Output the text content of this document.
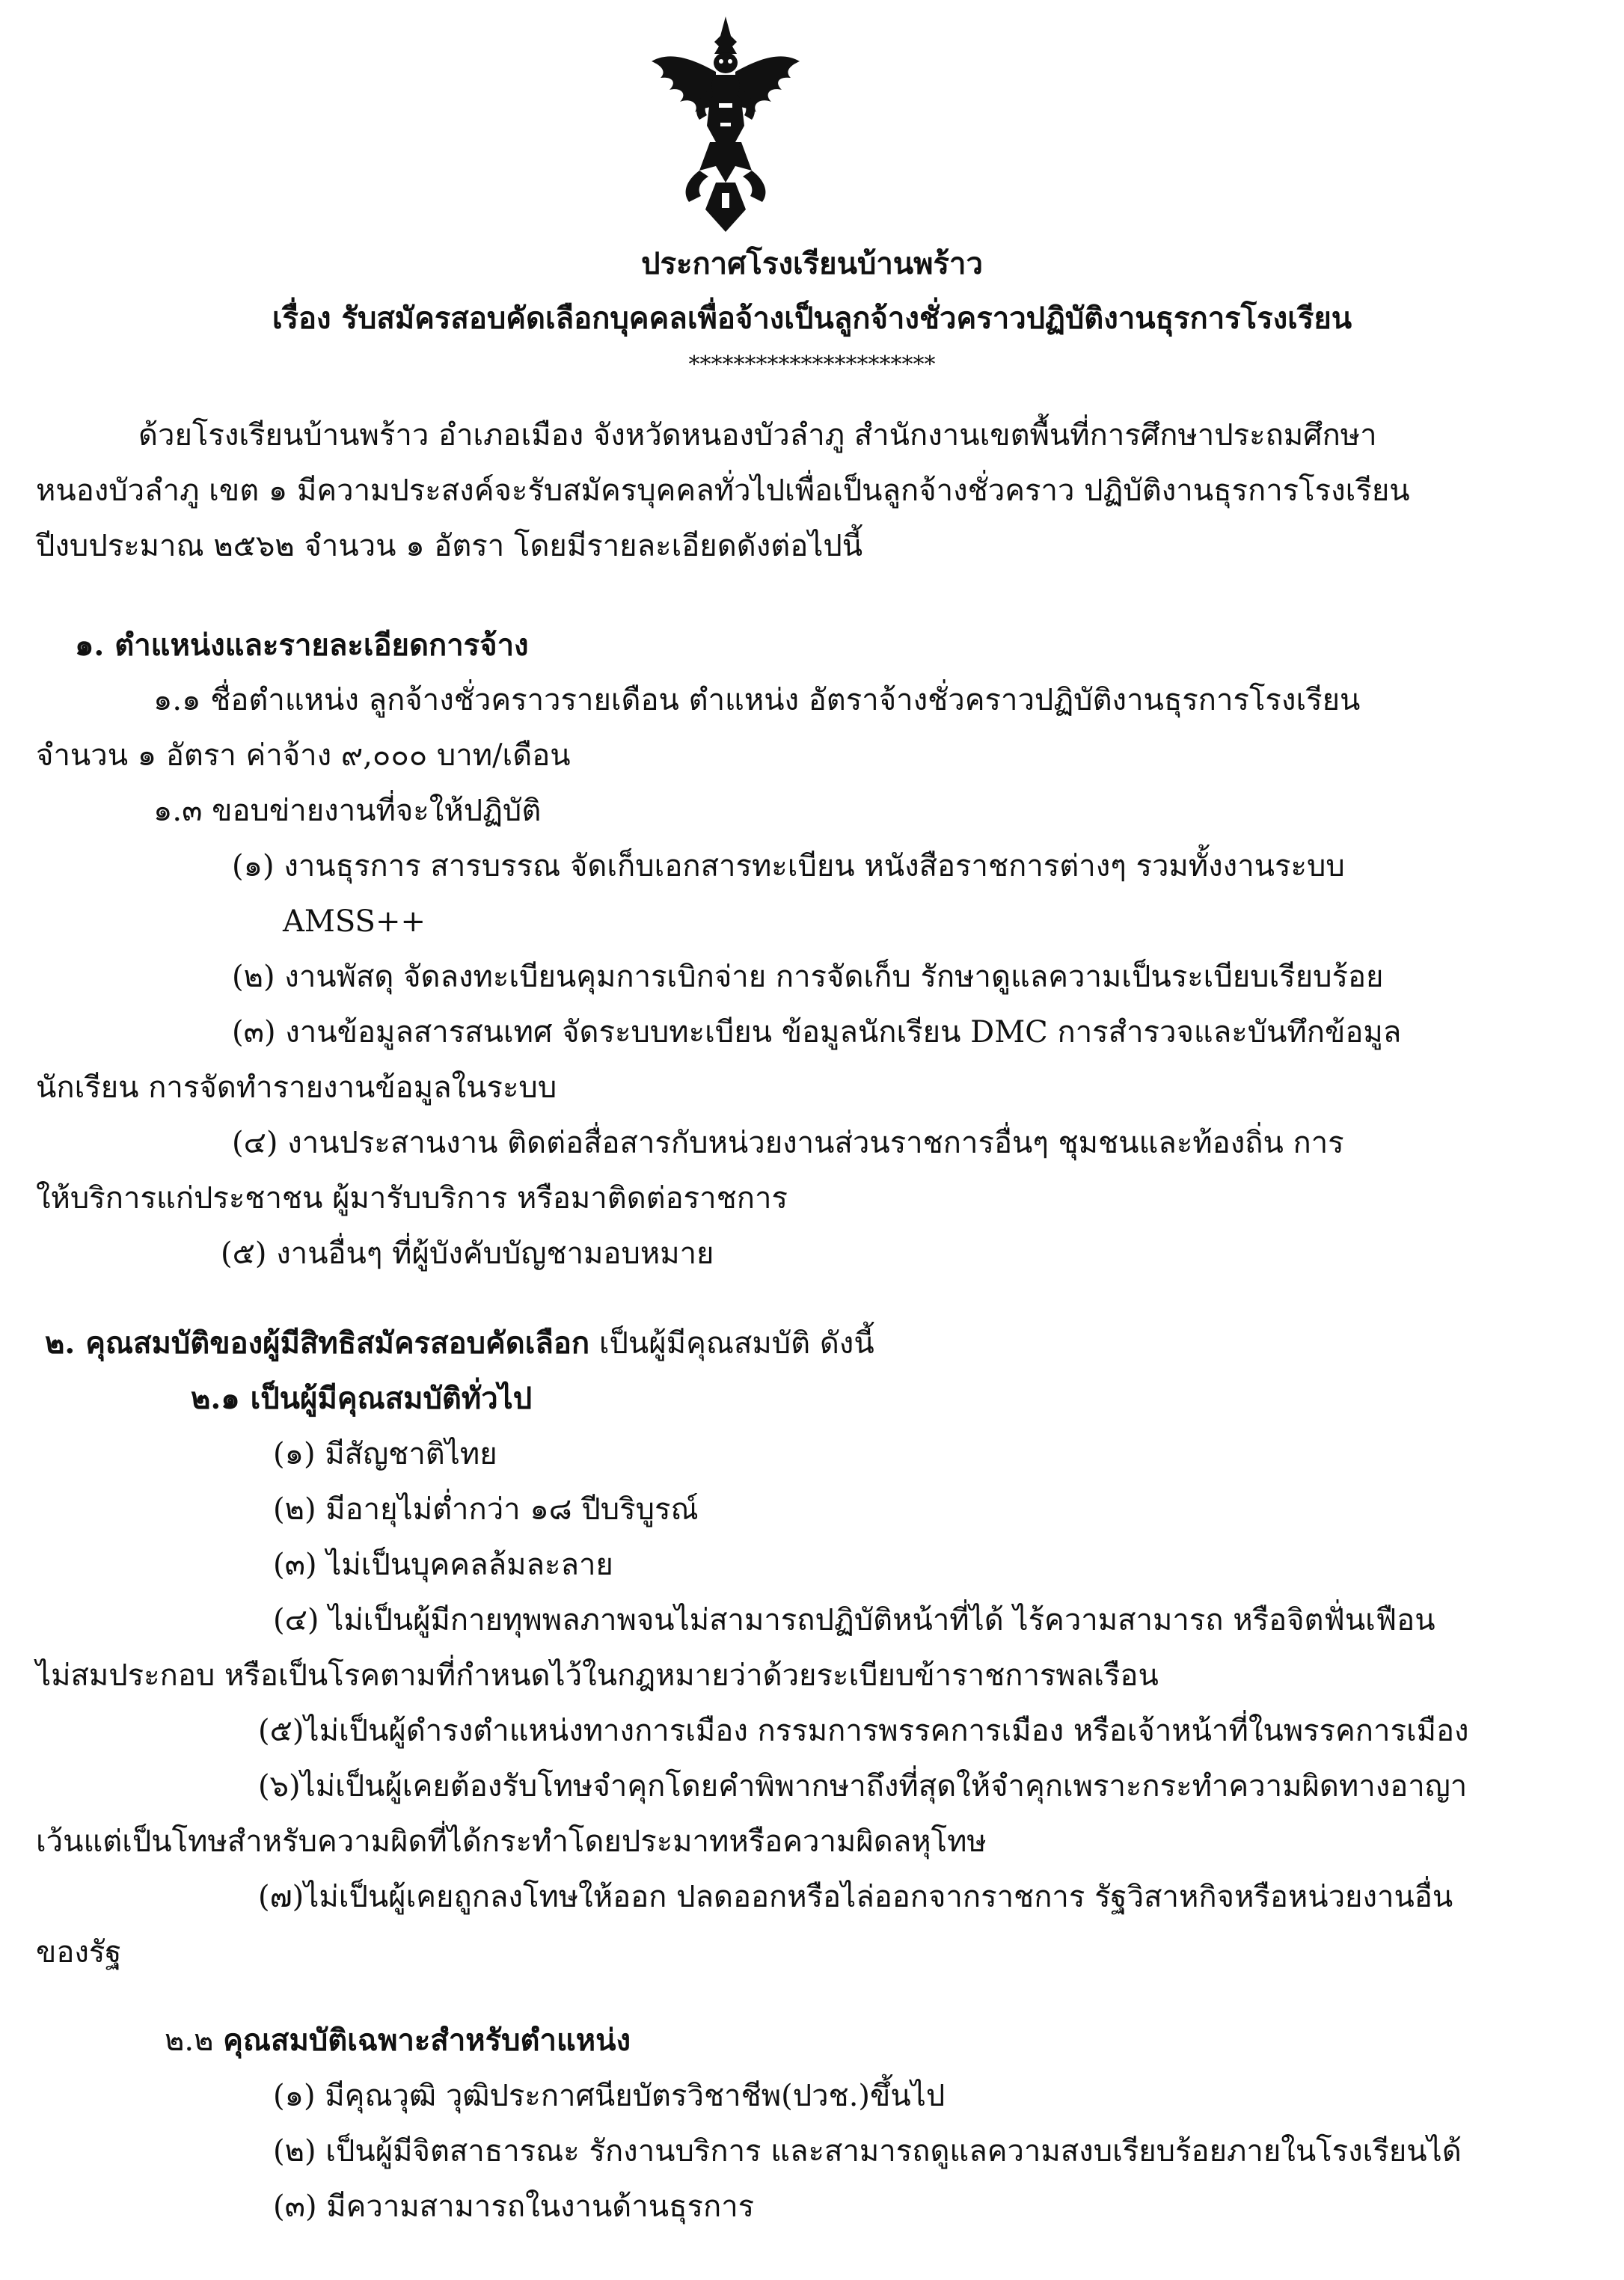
ประกาศโรงเรียนบ้านพร้าว
เรื่อง รับสมัครสอบคัดเลือกบุคคลเพื่อจ้างเป็นลูกจ้างชั่วคราวปฏิบัติงานธุรการโรงเรียน
**********************
ด้วยโรงเรียนบ้านพร้าว อำเภอเมือง จังหวัดหนองบัวลำภู สำนักงานเขตพื้นที่การศึกษาประถมศึกษา
หนองบัวลำภู เขต ๑ มีความประสงค์จะรับสมัครบุคคลทั่วไปเพื่อเป็นลูกจ้างชั่วคราว ปฏิบัติงานธุรการโรงเรียน
ปีงบประมาณ ๒๕๖๒ จำนวน ๑ อัตรา โดยมีรายละเอียดดังต่อไปนี้
๑. ตำแหน่งและรายละเอียดการจ้าง
๑.๑ ชื่อตำแหน่ง ลูกจ้างชั่วคราวรายเดือน ตำแหน่ง อัตราจ้างชั่วคราวปฏิบัติงานธุรการโรงเรียน
จำนวน ๑ อัตรา ค่าจ้าง ๙,๐๐๐ บาท/เดือน
๑.๓ ขอบข่ายงานที่จะให้ปฏิบัติ
(๑) งานธุรการ สารบรรณ จัดเก็บเอกสารทะเบียน หนังสือราชการต่างๆ รวมทั้งงานระบบ
AMSS++
(๒) งานพัสดุ จัดลงทะเบียนคุมการเบิกจ่าย การจัดเก็บ รักษาดูแลความเป็นระเบียบเรียบร้อย
(๓) งานข้อมูลสารสนเทศ จัดระบบทะเบียน ข้อมูลนักเรียน DMC การสำรวจและบันทึกข้อมูล
นักเรียน การจัดทำรายงานข้อมูลในระบบ
(๔) งานประสานงาน ติดต่อสื่อสารกับหน่วยงานส่วนราชการอื่นๆ ชุมชนและท้องถิ่น การ
ให้บริการแก่ประชาชน ผู้มารับบริการ หรือมาติดต่อราชการ
(๕) งานอื่นๆ ที่ผู้บังคับบัญชามอบหมาย
๒. คุณสมบัติของผู้มีสิทธิสมัครสอบคัดเลือก เป็นผู้มีคุณสมบัติ ดังนี้
๒.๑ เป็นผู้มีคุณสมบัติทั่วไป
(๑) มีสัญชาติไทย
(๒) มีอายุไม่ต่ำกว่า ๑๘ ปีบริบูรณ์
(๓) ไม่เป็นบุคคลล้มละลาย
(๔) ไม่เป็นผู้มีกายทุพพลภาพจนไม่สามารถปฏิบัติหน้าที่ได้ ไร้ความสามารถ หรือจิตฟั่นเฟือน
ไม่สมประกอบ หรือเป็นโรคตามที่กำหนดไว้ในกฎหมายว่าด้วยระเบียบข้าราชการพลเรือน
(๕)ไม่เป็นผู้ดำรงตำแหน่งทางการเมือง กรรมการพรรคการเมือง หรือเจ้าหน้าที่ในพรรคการเมือง
(๖)ไม่เป็นผู้เคยต้องรับโทษจำคุกโดยคำพิพากษาถึงที่สุดให้จำคุกเพราะกระทำความผิดทางอาญา
เว้นแต่เป็นโทษสำหรับความผิดที่ได้กระทำโดยประมาทหรือความผิดลหุโทษ
(๗)ไม่เป็นผู้เคยถูกลงโทษให้ออก ปลดออกหรือไล่ออกจากราชการ รัฐวิสาหกิจหรือหน่วยงานอื่น
ของรัฐ
๒.๒ คุณสมบัติเฉพาะสำหรับตำแหน่ง
(๑) มีคุณวุฒิ วุฒิประกาศนียบัตรวิชาชีพ(ปวช.)ขึ้นไป
(๒) เป็นผู้มีจิตสาธารณะ รักงานบริการ และสามารถดูแลความสงบเรียบร้อยภายในโรงเรียนได้
(๓) มีความสามารถในงานด้านธุรการ
